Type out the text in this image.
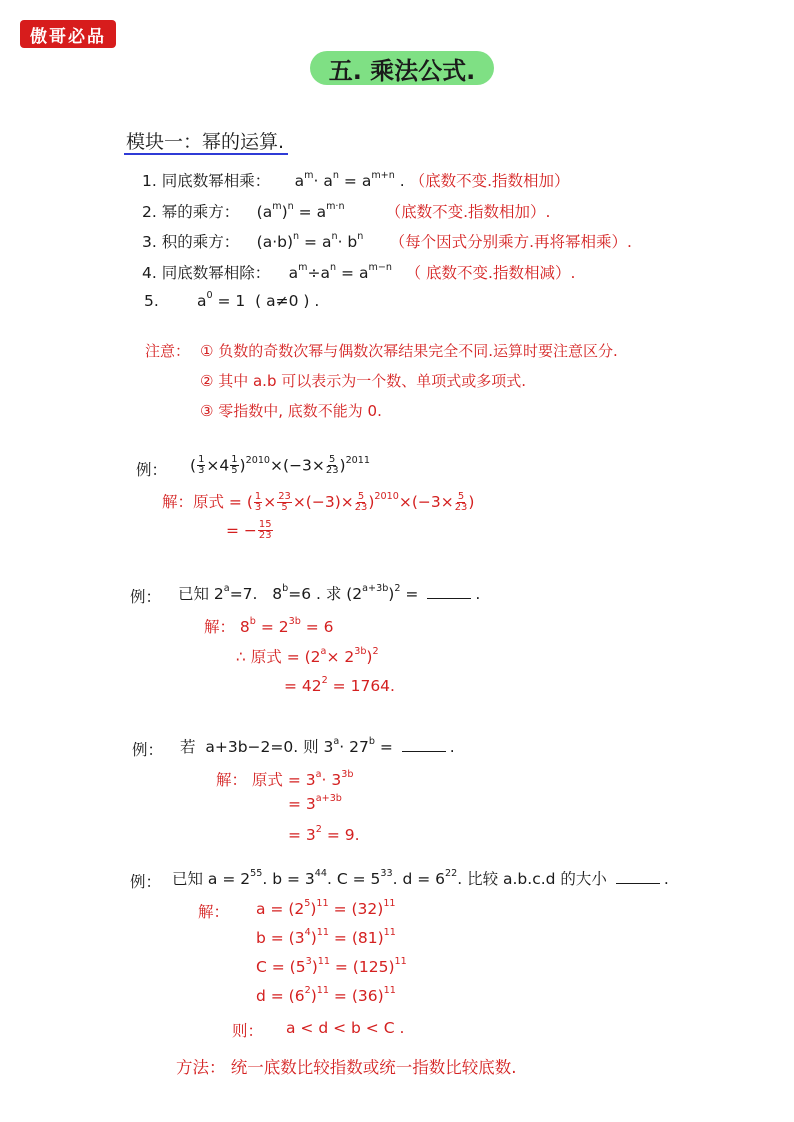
傲哥必品
五. 乘法公式.
模块一：幂的运算.
1. 同底数幂相乘： $a^m\cdot a^n = a^{m+n}$ . （底数不变.指数相加）
2. 幂的乘方： $(a^m)^n = a^{m\cdot n}$	（底数不变.指数相加）.
3. 积的乘方： $(a\cdot b)^n = a^n\cdot b^n$ （每个因式分别乘方.再将幂相乘）.
4. 同底数幂相除： $a^m\div a^n = a^{m-n}$ （ 底数不变.指数相减）.
5. $a^0 = 1$  ( a≠0 ) .
注意： ① 负数的奇数次幂与偶数次幂结果完全不同.运算时要注意区分.
② 其中 a.b 可以表示为一个数、单项式或多项式.
③ 零指数中, 底数不能为 0.
例： ( $\frac{1}{3} \times 4 \frac{1}{5} )^{2010}\times(-3\times \frac{5}{23} )^{2011}$
解：原式 = ( $\frac{1}{3} \times \frac{23}{5} \times(-3)\times \frac{5}{23} )^{2010}\times(-3\times \frac{5}{23}$ )
= − $\frac{15}{23}$
例： 已知 $2^a=7$.   $8^b=6$ . 求 $(2^{a+3b})^2$ =	.
解： $8^b = 2^{3b} = 6$
∴ 原式 = $(2^a\times 2^{3b})^2$
= $42^2 = 1764$.
例： 若  a+3b−2=0. 则 $3^a\cdot 27^b$ =	.
解： 原式 = $3^a\cdot 3^{3b}$
= $3^{a+3b}$
= $3^2 = 9$.
例： 已知 $a = 2^{55}$. $b = 3^{44}$. $C = 5^{33}$. $d = 6^{22}$. 比较 a.b.c.d 的大小	.
解： $a = (2^5)^{11} = (32)^{11}$
$b = (3^4)^{11} = (81)^{11}$
$C = (5^3)^{11} = (125)^{11}$
$d = (6^2)^{11} = (36)^{11}$
则： a < d < b < C .
方法： 统一底数比较指数或统一指数比较底数.
